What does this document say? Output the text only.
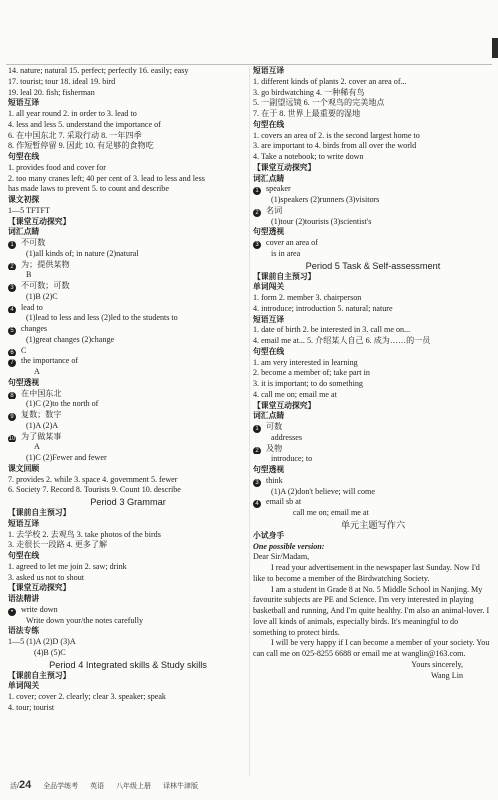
14. nature; natural 15. perfect; perfectly 16. easily; easy
17. tourist; tour 18. ideal 19. bird
19. leal 20. fish; fisherman
短语互译
1. all year round 2. in order to 3. lead to
4. less and less 5. understand the importance of
6. 在中国东北 7. 采取行动 8. 一年四季
8. 作短暂停留 9. 因此 10. 有足够的食物吃
句型在线
1. provides food and cover for
2. too many cranes left; 40 per cent of 3. lead to less and less
has made laws to prevent 5. to count and describe
课文初探
1—5 TFTFT
【课堂互动探究】
词汇点睛
1 不可数
(1)all kinds of; in nature (2)natural
2 为；提供某物
B
3 不可数；可数
(1)B (2)C
4 lead to
(1)lead to less and less (2)led to the students to
5 changes
(1)great changes (2)change
6 C
7 the importance of
A
句型透视
8 在中国东北
(1)C (2)to the north of
9 复数；数字
(1)A (2)A
10 为了做某事
A
(1)C (2)Fewer and fewer
课文回顾
7. provides 2. while 3. space 4. government 5. fewer
6. Society 7. Record 8. Tourists 9. Count 10. describe
Period 3 Grammar
【课前自主预习】
短语互译
1. 去学校 2. 去观鸟 3. take photos of the birds
3. 走很长一段路 4. 更多了解
句型在线
1. agreed to let me join 2. saw; drink
3. asked us not to shout
【课堂互动探究】
语法精讲
• write down
Write down your/the notes carefully
语法专练
1—5 (1)A (2)D (3)A
(4)B (5)C
Period 4 Integrated skills & Study skills
【课前自主预习】
单词闯关
1. cover; cover 2. clearly; clear 3. speaker; speak
4. tour; tourist
短语互译
1. different kinds of plants 2. cover an area of...
3. go birdwatching 4. 一种稀有鸟
5. 一副望远镜 6. 一个观鸟的完美地点
7. 在于 8. 世界上最重要的湿地
句型在线
1. covers an area of 2. is the second largest home to
3. are important to 4. birds from all over the world
4. Take a notebook; to write down
【课堂互动探究】
词汇点睛
1 speaker
(1)speakers (2)runners (3)visitors
2 名词
(1)tour (2)tourists (3)scientist's
句型透视
3 cover an area of
is in area
Period 5 Task & Self-assessment
【课前自主预习】
单词闯关
1. form 2. member 3. chairperson
4. introduce; introduction 5. natural; nature
短语互译
1. date of birth 2. be interested in 3. call me on...
4. email me at... 5. 介绍某人自己 6. 成为……的一员
句型在线
1. am very interested in learning
2. become a member of; take part in
3. it is important; to do something
4. call me on; email me at
【课堂互动探究】
词汇点睛
1 可数
addresses
2 及物
introduce; to
句型透视
3 think
(1)A (2)don't believe; will come
4 email sb at
call me on; email me at
单元主题写作六
小试身手
One possible version:
Dear Sir/Madam,
I read your advertisement in the newspaper last Sunday. Now I'd like to become a member of the Birdwatching Society.
I am a student in Grade 8 at No. 5 Middle School in Nanjing. My favourite subjects are PE and Science. I'm very interested in playing basketball and running, And I'm quite healthy. I'm also an animal-lover. I love all kinds of animals, especially birds. It's meaningful to do something to protect birds.
I will be very happy if I can become a member of your society. You can call me on 025-8255 6688 or email me at wanglin@163.com.
Yours sincerely,
Wang Lin
活/24 全品学练考 英语 八年级上册 译林牛津版
